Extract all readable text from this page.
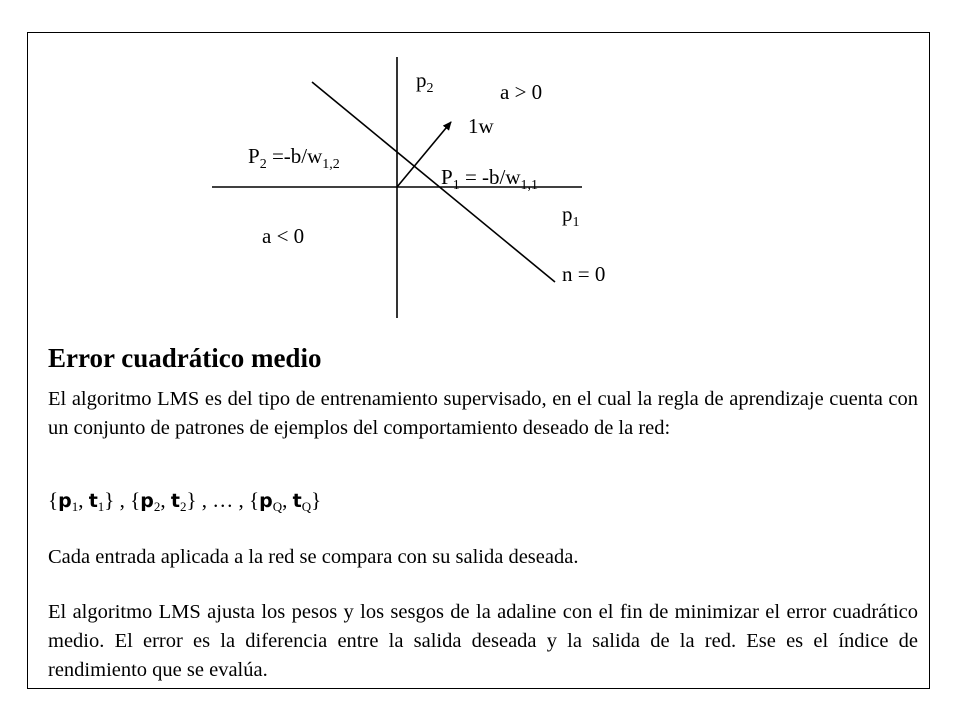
$p_2$	a > 0
1w
$P_2 =-b/w_{1,2}$
$P_1 = -b/w_{1,1}$
$p_1$
a < 0
n = 0
Error cuadrático medio

El algoritmo LMS es del tipo de entrenamiento supervisado, en el cual la regla de aprendizaje cuenta con un conjunto de patrones de ejemplos del comportamiento deseado de la red:

{$p_1$, $t_1$} , {$p_2$, $t_2$} , … , {$p_Q$, $t_Q$}

Cada entrada aplicada a la red se compara con su salida deseada.

El algoritmo LMS ajusta los pesos y los sesgos de la adaline con el fin de minimizar el error cuadrático medio. El error es la diferencia entre la salida deseada y la salida de la red. Ese es el índice de rendimiento que se evalúa.
